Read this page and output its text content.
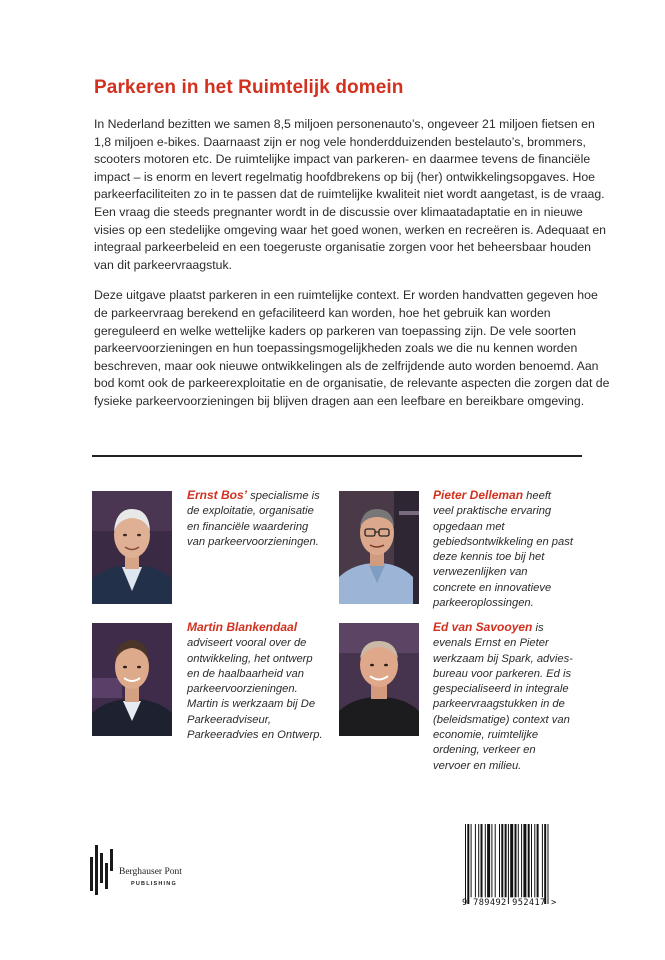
Parkeren in het Ruimtelijk domein

In Nederland bezitten we samen 8,5 miljoen personenauto’s, ongeveer 21 miljoen fietsen en 1,8 miljoen e-bikes. Daarnaast zijn er nog vele honderdduizenden bestelauto’s, brommers, scooters motoren etc. De ruimtelijke impact van parkeren- en daarmee tevens de financiële impact – is enorm en levert regelmatig hoofdbrekens op bij (her) ontwikkelingsopgaves. Hoe parkeerfaciliteiten zo in te passen dat de ruimtelijke kwaliteit niet wordt aangetast, is de vraag. Een vraag die steeds pregnanter wordt in de discussie over klimaatadaptatie en in nieuwe visies op een stedelijke omgeving waar het goed wonen, werken en recreëren is. Adequaat en integraal parkeerbeleid en een toegeruste organisatie zorgen voor het beheersbaar houden van dit parkeervraagstuk.

Deze uitgave plaatst parkeren in een ruimtelijke context. Er worden handvatten gegeven hoe de parkeervraag berekend en gefaciliteerd kan worden, hoe het gebruik kan worden gereguleerd en welke wettelijke kaders op parkeren van toepassing zijn. De vele soorten parkeervoorzieningen en hun toepassingsmogelijkheden zoals we die nu kennen worden beschreven, maar ook nieuwe ontwikkelingen als de zelfrijdende auto worden benoemd. Aan bod komt ook de parkeerexploitatie en de organisatie, de relevante aspecten die zorgen dat de fysieke parkeervoorzieningen bij blijven dragen aan een leefbare en bereikbare omgeving.

Ernst Bos’ specialisme is de exploitatie, organisatie en financiële waardering van parkeervoorzieningen.
Pieter Delleman heeft veel praktische ervaring opgedaan met gebiedsontwikkeling en past deze kennis toe bij het verwezenlijken van concrete en innovatieve parkeeroplossingen.
Martin Blankendaal adviseert vooral over de ontwikkeling, het ontwerp en de haalbaarheid van parkeervoorzieningen. Martin is werkzaam bij De Parkeeradviseur, Parkeeradvies en Ontwerp.
Ed van Savooyen is evenals Ernst en Pieter werkzaam bij Spark, advies-bureau voor parkeren. Ed is gespecialiseerd in integrale parkeervraagstukken in de (beleidsmatige) context van economie, ruimtelijke ordening, verkeer en vervoer en milieu.
Berghauser Pont
PUBLISHING
9 789492 952417 >
